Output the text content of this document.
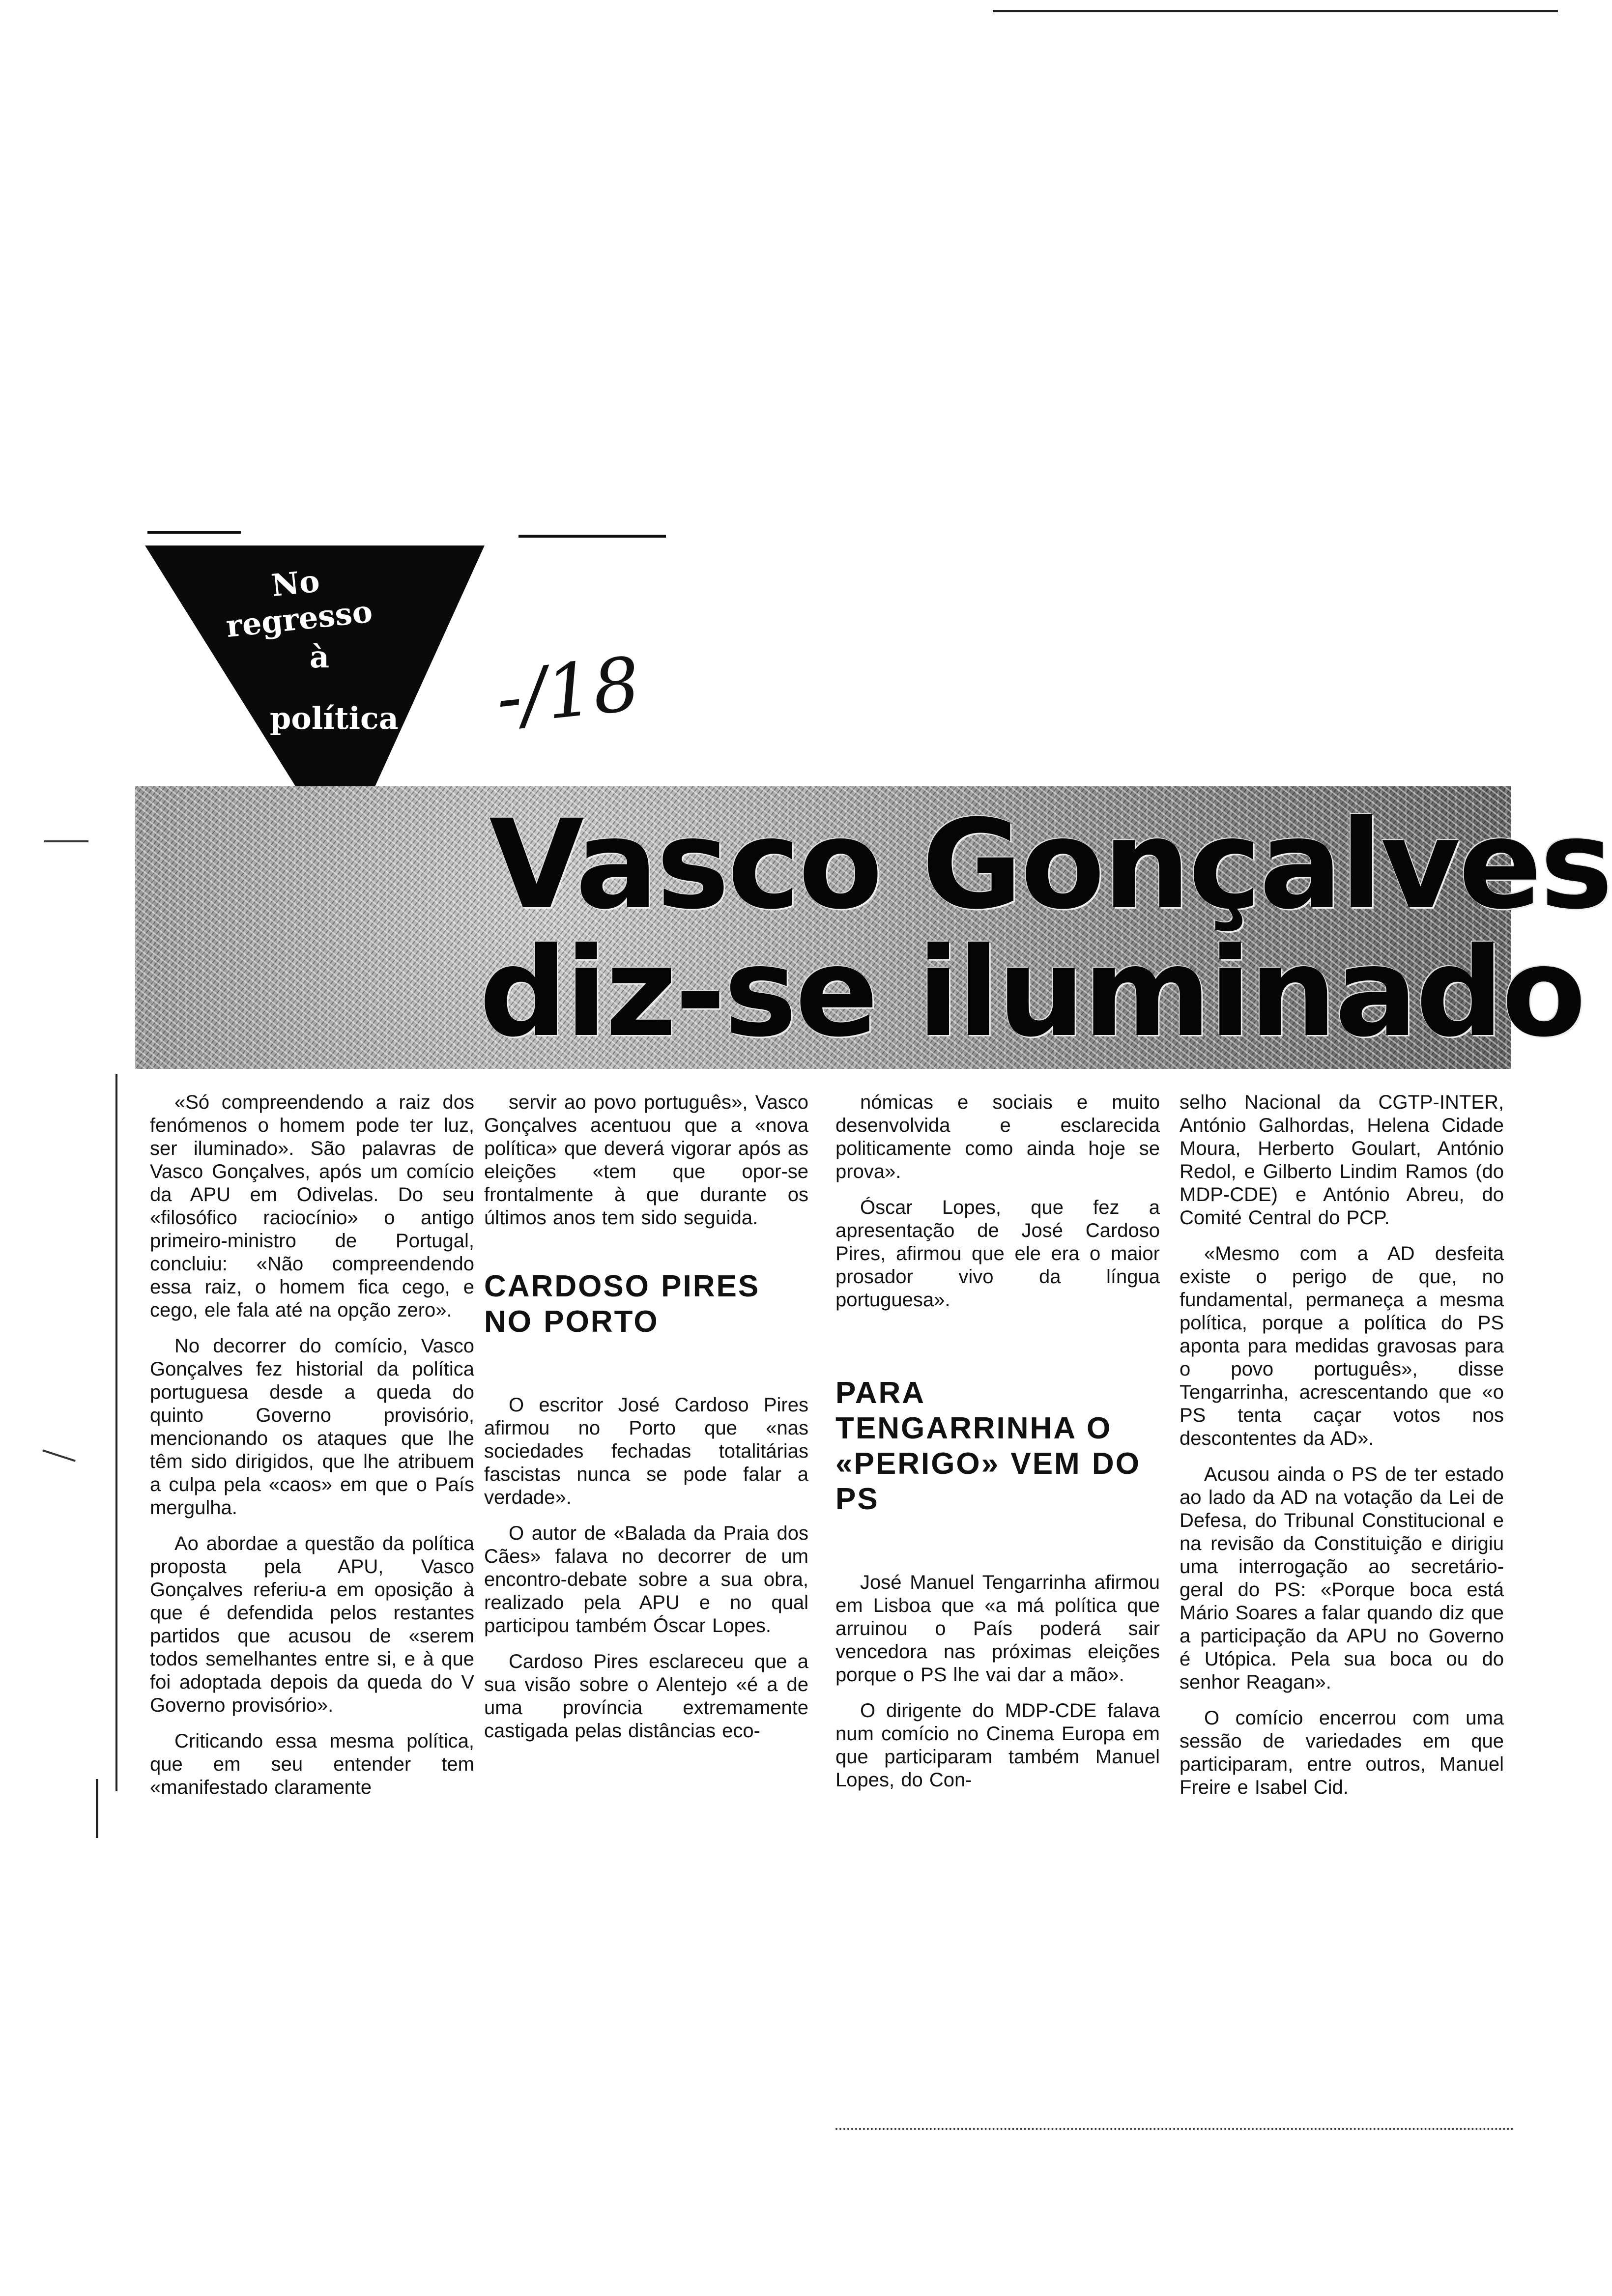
No regresso
à
política	-/18
Vasco Gonçalves
diz-se iluminado

«Só compreendendo a raiz dos fenómenos o homem pode ter luz, ser iluminado». São palavras de Vasco Gonçalves, após um comício da APU em Odivelas. Do seu «filosófico raciocínio» o antigo primeiro-ministro de Portugal, concluiu: «Não compreendendo essa raiz, o homem fica cego, e cego, ele fala até na opção zero».

No decorrer do comício, Vasco Gonçalves fez historial da política portuguesa desde a queda do quinto Governo provisório, mencionando os ataques que lhe têm sido dirigidos, que lhe atribuem a culpa pela «caos» em que o País mergulha.

Ao abordae a questão da política proposta pela APU, Vasco Gonçalves referiu-a em oposição à que é defendida pelos restantes partidos que acusou de «serem todos semelhantes entre si, e à que foi adoptada depois da queda do V Governo provisório».

Criticando essa mesma política, que em seu entender tem «manifestado claramente

servir ao povo português», Vasco Gonçalves acentuou que a «nova política» que deverá vigorar após as eleições «tem que opor-se frontalmente à que durante os últimos anos tem sido seguida.

CARDOSO PIRES NO PORTO

O escritor José Cardoso Pires afirmou no Porto que «nas sociedades fechadas totalitárias fascistas nunca se pode falar a verdade».

O autor de «Balada da Praia dos Cães» falava no decorrer de um encontro-debate sobre a sua obra, realizado pela APU e no qual participou também Óscar Lopes.

Cardoso Pires esclareceu que a sua visão sobre o Alentejo «é a de uma província extremamente castigada pelas distâncias eco-

nómicas e sociais e muito desenvolvida e esclarecida politicamente como ainda hoje se prova».

Óscar Lopes, que fez a apresentação de José Cardoso Pires, afirmou que ele era o maior prosador vivo da língua portuguesa».

PARA TENGARRINHA O «PERIGO» VEM DO PS

José Manuel Tengarrinha afirmou em Lisboa que «a má política que arruinou o País poderá sair vencedora nas próximas eleições porque o PS lhe vai dar a mão».

O dirigente do MDP-CDE falava num comício no Cinema Europa em que participaram também Manuel Lopes, do Con-

selho Nacional da CGTP-INTER, António Galhordas, Helena Cidade Moura, Herberto Goulart, António Redol, e Gilberto Lindim Ramos (do MDP-CDE) e António Abreu, do Comité Central do PCP.

«Mesmo com a AD desfeita existe o perigo de que, no fundamental, permaneça a mesma política, porque a política do PS aponta para medidas gravosas para o povo português», disse Tengarrinha, acrescentando que «o PS tenta caçar votos nos descontentes da AD».

Acusou ainda o PS de ter estado ao lado da AD na votação da Lei de Defesa, do Tribunal Constitucional e na revisão da Constituição e dirigiu uma interrogação ao secretário-geral do PS: «Porque boca está Mário Soares a falar quando diz que a participação da APU no Governo é Utópica. Pela sua boca ou do senhor Reagan».

O comício encerrou com uma sessão de variedades em que participaram, entre outros, Manuel Freire e Isabel Cid.
